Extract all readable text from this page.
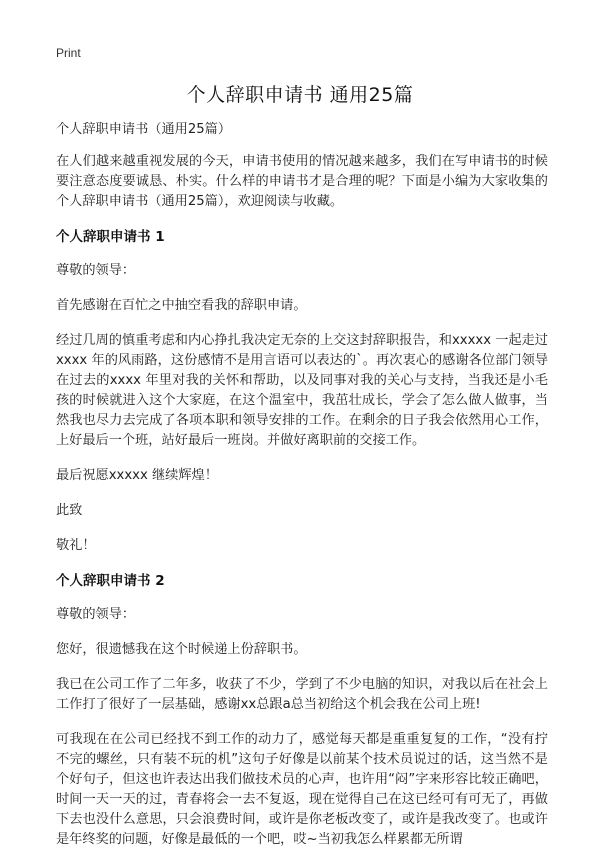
Print
个人辞职申请书 通用25篇

个人辞职申请书（通用25篇）

在人们越来越重视发展的今天，申请书使用的情况越来越多，我们在写申请书的时候要注意态度要诚恳、朴实。什么样的申请书才是合理的呢？下面是小编为大家收集的个人辞职申请书（通用25篇），欢迎阅读与收藏。

个人辞职申请书 1

尊敬的领导：

首先感谢在百忙之中抽空看我的辞职申请。

经过几周的慎重考虑和内心挣扎我决定无奈的上交这封辞职报告，和xxxxx 一起走过xxxx 年的风雨路，这份感情不是用言语可以表达的`。再次衷心的感谢各位部门领导在过去的xxxx 年里对我的关怀和帮助，以及同事对我的关心与支持，当我还是小毛孩的时候就进入这个大家庭，在这个温室中，我茁壮成长，学会了怎么做人做事，当然我也尽力去完成了各项本职和领导安排的工作。在剩余的日子我会依然用心工作，上好最后一个班，站好最后一班岗。并做好离职前的交接工作。

最后祝愿xxxxx 继续辉煌！

此致

敬礼！

个人辞职申请书 2

尊敬的领导：

您好，很遗憾我在这个时候递上份辞职书。

我已在公司工作了二年多，收获了不少，学到了不少电脑的知识，对我以后在社会上工作打了很好了一层基础，感谢xx总跟a总当初给这个机会我在公司上班!

可我现在在公司已经找不到工作的动力了，感觉每天都是重重复复的工作，“没有拧不完的螺丝，只有装不玩的机”这句子好像是以前某个技术员说过的话，这当然不是个好句子，但这也许表达出我们做技术员的心声，也许用“闷”字来形容比较正确吧，时间一天一天的过，青春将会一去不复返，现在觉得自己在这已经可有可无了，再做下去也没什么意思，只会浪费时间，或许是你老板改变了，或许是我改变了。也或许是年终奖的问题，好像是最低的一个吧，哎~当初我怎么样累都无所谓
